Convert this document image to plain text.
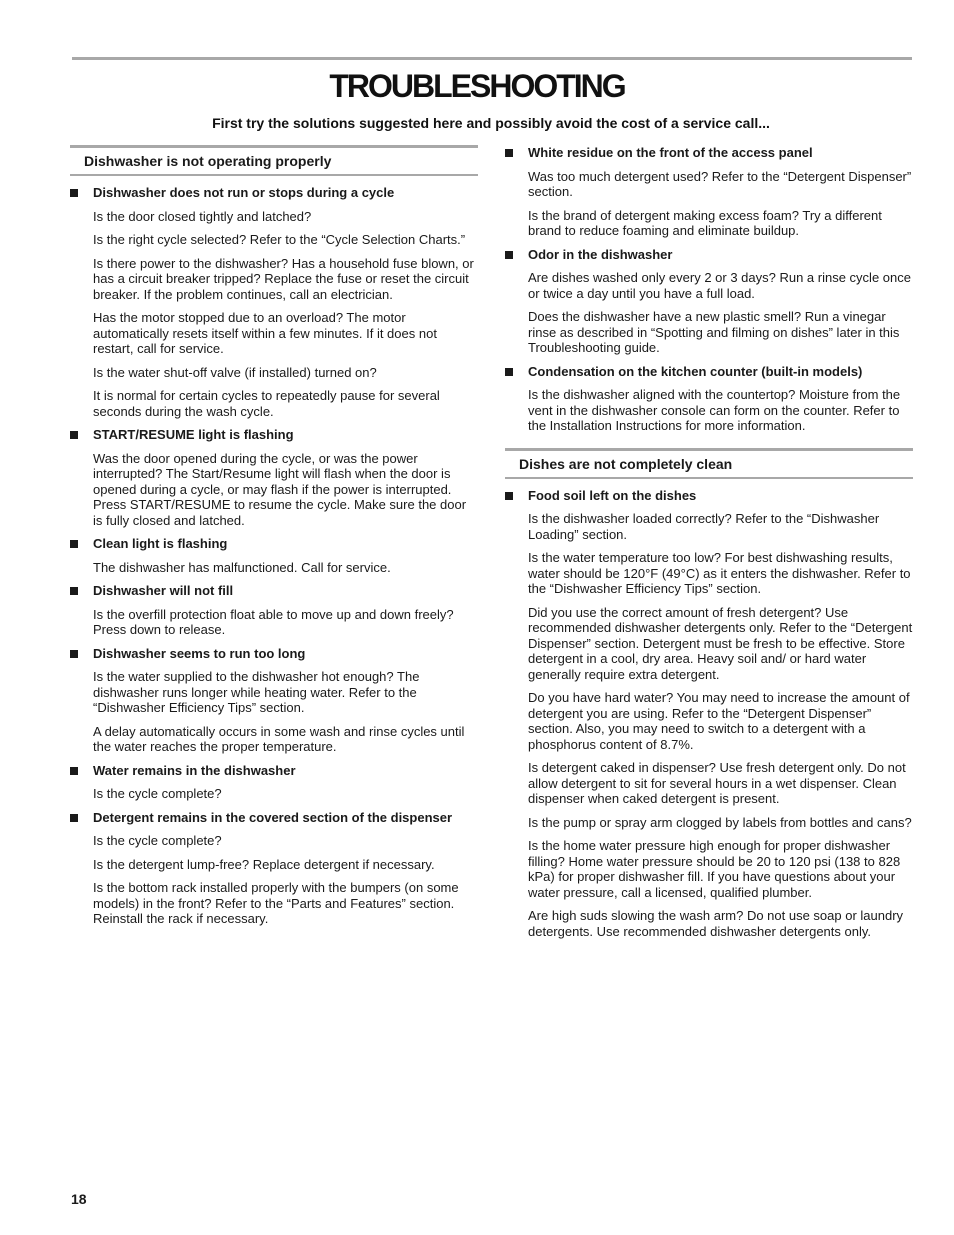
TROUBLESHOOTING
First try the solutions suggested here and possibly avoid the cost of a service call...
Dishwasher is not operating properly
Dishwasher does not run or stops during a cycle
Is the door closed tightly and latched?
Is the right cycle selected? Refer to the “Cycle Selection Charts.”
Is there power to the dishwasher? Has a household fuse blown, or has a circuit breaker tripped? Replace the fuse or reset the circuit breaker. If the problem continues, call an electrician.
Has the motor stopped due to an overload? The motor automatically resets itself within a few minutes. If it does not restart, call for service.
Is the water shut-off valve (if installed) turned on?
It is normal for certain cycles to repeatedly pause for several seconds during the wash cycle.
START/RESUME light is flashing
Was the door opened during the cycle, or was the power interrupted? The Start/Resume light will flash when the door is opened during a cycle, or may flash if the power is interrupted. Press START/RESUME to resume the cycle. Make sure the door is fully closed and latched.
Clean light is flashing
The dishwasher has malfunctioned. Call for service.
Dishwasher will not fill
Is the overfill protection float able to move up and down freely? Press down to release.
Dishwasher seems to run too long
Is the water supplied to the dishwasher hot enough? The dishwasher runs longer while heating water. Refer to the “Dishwasher Efficiency Tips” section.
A delay automatically occurs in some wash and rinse cycles until the water reaches the proper temperature.
Water remains in the dishwasher
Is the cycle complete?
Detergent remains in the covered section of the dispenser
Is the cycle complete?
Is the detergent lump-free? Replace detergent if necessary.
Is the bottom rack installed properly with the bumpers (on some models) in the front? Refer to the “Parts and Features” section. Reinstall the rack if necessary.
White residue on the front of the access panel
Was too much detergent used? Refer to the “Detergent Dispenser” section.
Is the brand of detergent making excess foam? Try a different brand to reduce foaming and eliminate buildup.
Odor in the dishwasher
Are dishes washed only every 2 or 3 days? Run a rinse cycle once or twice a day until you have a full load.
Does the dishwasher have a new plastic smell? Run a vinegar rinse as described in “Spotting and filming on dishes” later in this Troubleshooting guide.
Condensation on the kitchen counter (built-in models)
Is the dishwasher aligned with the countertop? Moisture from the vent in the dishwasher console can form on the counter. Refer to the Installation Instructions for more information.
Dishes are not completely clean
Food soil left on the dishes
Is the dishwasher loaded correctly? Refer to the “Dishwasher Loading” section.
Is the water temperature too low? For best dishwashing results, water should be 120°F (49°C) as it enters the dishwasher. Refer to the “Dishwasher Efficiency Tips” section.
Did you use the correct amount of fresh detergent? Use recommended dishwasher detergents only. Refer to the “Detergent Dispenser” section. Detergent must be fresh to be effective. Store detergent in a cool, dry area. Heavy soil and/ or hard water generally require extra detergent.
Do you have hard water? You may need to increase the amount of detergent you are using. Refer to the “Detergent Dispenser” section. Also, you may need to switch to a detergent with a phosphorus content of 8.7%.
Is detergent caked in dispenser? Use fresh detergent only. Do not allow detergent to sit for several hours in a wet dispenser. Clean dispenser when caked detergent is present.
Is the pump or spray arm clogged by labels from bottles and cans?
Is the home water pressure high enough for proper dishwasher filling? Home water pressure should be 20 to 120 psi (138 to 828 kPa) for proper dishwasher fill. If you have questions about your water pressure, call a licensed, qualified plumber.
Are high suds slowing the wash arm? Do not use soap or laundry detergents. Use recommended dishwasher detergents only.
18
